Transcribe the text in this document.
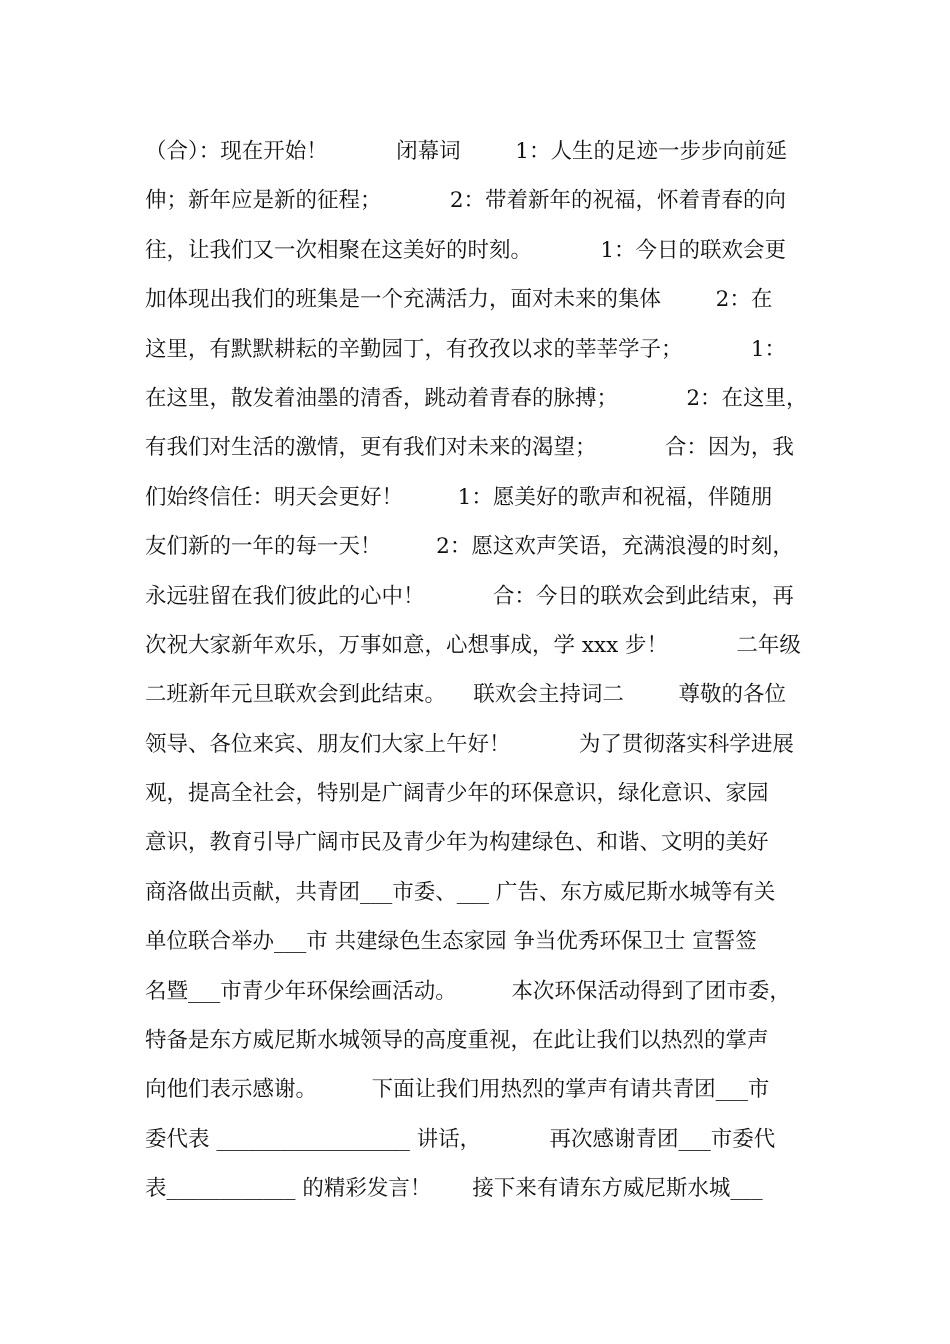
（合）：现在开始！          闭幕词        1：人生的足迹一步步向前延
伸；新年应是新的征程；          2：带着新年的祝福，怀着青春的向
往，让我们又一次相聚在这美好的时刻。          1：今日的联欢会更
加体现出我们的班集是一个充满活力，面对未来的集体        2：在
这里，有默默耕耘的辛勤园丁，有孜孜以求的莘莘学子；          1：
在这里，散发着油墨的清香，跳动着青春的脉搏；          2：在这里，
有我们对生活的激情，更有我们对未来的渴望；          合：因为，我
们始终信任：明天会更好！        1：愿美好的歌声和祝福，伴随朋
友们新的一年的每一天！        2：愿这欢声笑语，充满浪漫的时刻，
永远驻留在我们彼此的心中！          合：今日的联欢会到此结束，再
次祝大家新年欢乐，万事如意，心想事成，学 xxx 步！          二年级
二班新年元旦联欢会到此结束。    联欢会主持词二        尊敬的各位
领导、各位来宾、朋友们大家上午好！          为了贯彻落实科学进展
观，提高全社会，特别是广阔青少年的环保意识，绿化意识、家园
意识，教育引导广阔市民及青少年为构建绿色、和谐、文明的美好
商洛做出贡献，共青团___市委、___ 广告、东方威尼斯水城等有关
单位联合举办___市 共建绿色生态家园 争当优秀环保卫士 宣誓签
名暨___市青少年环保绘画活动。        本次环保活动得到了团市委，
特备是东方威尼斯水城领导的高度重视，在此让我们以热烈的掌声
向他们表示感谢。        下面让我们用热烈的掌声有请共青团___市
委代表 __________________ 讲话，          再次感谢青团___市委代
表____________ 的精彩发言！      接下来有请东方威尼斯水城___
